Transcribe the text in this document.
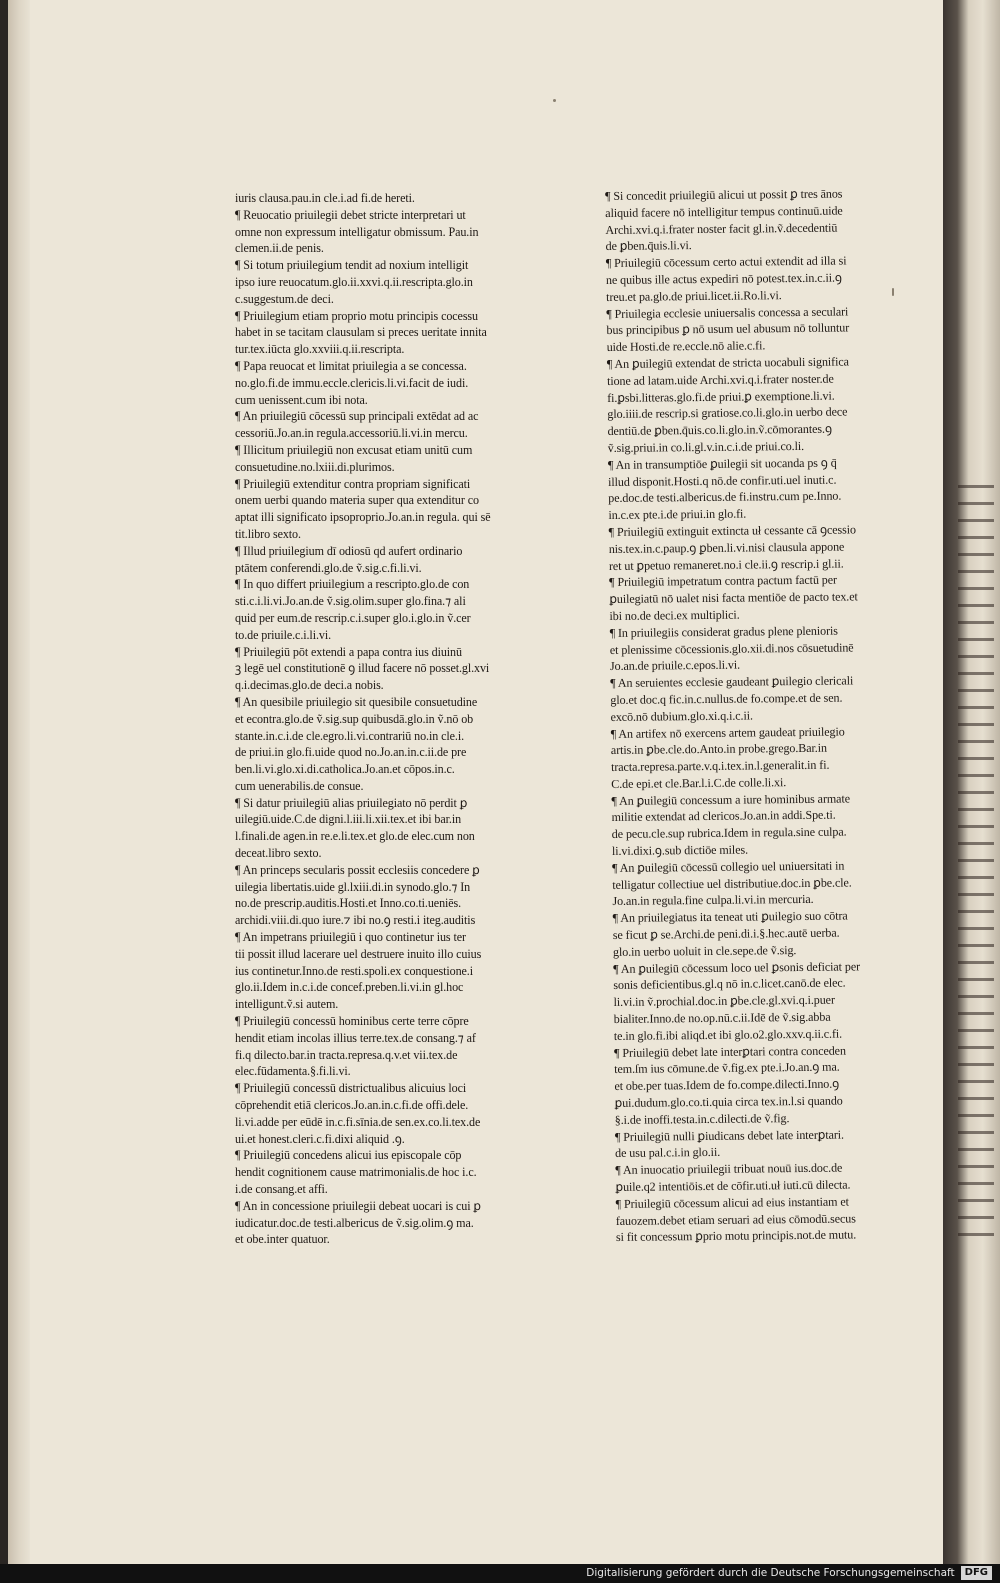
iuris clausa.pau.in cle.i.ad fi.de hereti.
¶ Reuocatio priuilegii debet stricte interpretari ut
omne non expressum intelligatur obmissum. Pau.in
clemen.ii.de penis.
¶ Si totum priuilegium tendit ad noxium intelligit
ipso iure reuocatum.glo.ii.xxvi.q.ii.rescripta.glo.in
c.suggestum.de deci.
¶ Priuilegium etiam proprio motu principis cocessu
habet in se tacitam clausulam si preces ueritate innita
tur.tex.iūcta glo.xxviii.q.ii.rescripta.
¶ Papa reuocat et limitat priuilegia a se concessa.
no.glo.fi.de immu.eccle.clericis.li.vi.facit de iudi.
cum uenissent.cum ibi nota.
¶ An priuilegiū cōcessū sup principali extēdat ad ac
cessoriū.Jo.an.in regula.accessoriū.li.vi.in mercu.
¶ Illicitum priuilegiū non excusat etiam unitū cum
consuetudine.no.lxiii.di.plurimos.
¶ Priuilegiū extenditur contra propriam significati
onem uerbi quando materia super qua extenditur co
aptat illi significato ipsoproprio.Jo.an.in regula. qui sē
tit.libro sexto.
¶ Illud priuilegium dī odiosū qd aufert ordinario
ptātem conferendi.glo.de ṽ.sig.c.fi.li.vi.
¶ In quo differt priuilegium a rescripto.glo.de con
sti.c.i.li.vi.Jo.an.de ṽ.sig.olim.super glo.fina.⁊ ali
quid per eum.de rescrip.c.i.super glo.i.glo.in ṽ.cer
to.de priuile.c.i.li.vi.
¶ Priuilegiū pōt extendi a papa contra ius diuinū
ꝫ legē uel constitutionē ꝯ illud facere nō posset.gl.xvi
q.i.decimas.glo.de deci.a nobis.
¶ An quesibile priuilegio sit quesibile consuetudine
et econtra.glo.de ṽ.sig.sup quibusdā.glo.in ṽ.nō ob
stante.in.c.i.de cle.egro.li.vi.contrariū no.in cle.i.
de priui.in glo.fi.uide quod no.Jo.an.in.c.ii.de pre
ben.li.vi.glo.xi.di.catholica.Jo.an.et cōpos.in.c.
cum uenerabilis.de consue.
¶ Si datur priuilegiū alias priuilegiato nō perdit ꝑ
uilegiū.uide.C.de digni.l.iii.li.xii.tex.et ibi bar.in
l.finali.de agen.in re.e.li.tex.et glo.de elec.cum non
deceat.libro sexto.
¶ An princeps secularis possit ecclesiis concedere ꝑ
uilegia libertatis.uide gl.lxiii.di.in synodo.glo.⁊ In
no.de prescrip.auditis.Hosti.et Inno.co.ti.ueniēs.
archidi.viii.di.quo iure.⁊ ibi no.ꝯ resti.i iteg.auditis
¶ An impetrans priuilegiū i quo continetur ius ter
tii possit illud lacerare uel destruere inuito illo cuius
ius continetur.Inno.de resti.spoli.ex conquestione.i
glo.ii.Idem in.c.i.de concef.preben.li.vi.in gl.hoc
intelligunt.ṽ.si autem.
¶ Priuilegiū concessū hominibus certe terre cōpre
hendit etiam incolas illius terre.tex.de consang.⁊ af
fi.q dilecto.bar.in tracta.represa.q.v.et vii.tex.de
elec.fūdamenta.§.fi.li.vi.
¶ Priuilegiū concessū districtualibus alicuius loci
cōprehendit etiā clericos.Jo.an.in.c.fi.de offi.dele.
li.vi.adde per eūdē in.c.fi.sīnia.de sen.ex.co.li.tex.de
ui.et honest.cleri.c.fi.dixi aliquid .ꝯ.
¶ Priuilegiū concedens alicui ius episcopale cōp
hendit cognitionem cause matrimonialis.de hoc i.c.
i.de consang.et affi.
¶ An in concessione priuilegii debeat uocari is cui ꝑ
iudicatur.doc.de testi.albericus de ṽ.sig.olim.ꝯ ma.
et obe.inter quatuor.
¶ Si concedit priuilegiū alicui ut possit ꝑ tres ānos
aliquid facere nō intelligitur tempus continuū.uide
Archi.xvi.q.i.frater noster facit gl.in.ṽ.decedentiū
de ꝑben.q̄uis.li.vi.
¶ Priuilegiū cōcessum certo actui extendit ad illa si
ne quibus ille actus expediri nō potest.tex.in.c.ii.ꝯ
treu.et pa.glo.de priui.licet.ii.Ro.li.vi.
¶ Priuilegia ecclesie uniuersalis concessa a seculari
bus principibus ꝑ nō usum uel abusum nō tolluntur
uide Hosti.de re.eccle.nō alie.c.fi.
¶ An ꝑuilegiū extendat de stricta uocabuli significa
tione ad latam.uide Archi.xvi.q.i.frater noster.de
fi.ꝑsbi.litteras.glo.fi.de priui.ꝑ exemptione.li.vi.
glo.iiii.de rescrip.si gratiose.co.li.glo.in uerbo dece
dentiū.de ꝑben.q̄uis.co.li.glo.in.ṽ.cōmorantes.ꝯ
ṽ.sig.priui.in co.li.gl.v.in.c.i.de priui.co.li.
¶ An in transumptiōe ꝑuilegii sit uocanda ps ꝯ q̄
illud disponit.Hosti.q nō.de confir.uti.uel inuti.c.
pe.doc.de testi.albericus.de fi.instru.cum pe.Inno.
in.c.ex pte.i.de priui.in glo.fi.
¶ Priuilegiū extinguit extincta uł cessante cā ꝯcessio
nis.tex.in.c.paup.ꝯ ꝑben.li.vi.nisi clausula appone
ret ut ꝑpetuo remaneret.no.i cle.ii.ꝯ rescrip.i gl.ii.
¶ Priuilegiū impetratum contra pactum factū per
ꝑuilegiatū nō ualet nisi facta mentiōe de pacto tex.et
ibi no.de deci.ex multiplici.
¶ In priuilegiis considerat gradus plene plenioris
et plenissime cōcessionis.glo.xii.di.nos cōsuetudinē
Jo.an.de priuile.c.epos.li.vi.
¶ An seruientes ecclesie gaudeant ꝑuilegio clericali
glo.et doc.q fic.in.c.nullus.de fo.compe.et de sen.
excō.nō dubium.glo.xi.q.i.c.ii.
¶ An artifex nō exercens artem gaudeat priuilegio
artis.in ꝑbe.cle.do.Anto.in probe.grego.Bar.in
tracta.represa.parte.v.q.i.tex.in.l.generalit.in fi.
C.de epi.et cle.Bar.l.i.C.de colle.li.xi.
¶ An ꝑuilegiū concessum a iure hominibus armate
militie extendat ad clericos.Jo.an.in addi.Spe.ti.
de pecu.cle.sup rubrica.Idem in regula.sine culpa.
li.vi.dixi.ꝯ.sub dictiōe miles.
¶ An ꝑuilegiū cōcessū collegio uel uniuersitati in
telligatur collectiue uel distributiue.doc.in ꝑbe.cle.
Jo.an.in regula.fine culpa.li.vi.in mercuria.
¶ An priuilegiatus ita teneat uti ꝑuilegio suo cōtra
se ficut ꝑ se.Archi.de peni.di.i.§.hec.autē uerba.
glo.in uerbo uoluit in cle.sepe.de ṽ.sig.
¶ An ꝑuilegiū cōcessum loco uel ꝑsonis deficiat per
sonis deficientibus.gl.q nō in.c.licet.canō.de elec.
li.vi.in ṽ.prochial.doc.in ꝑbe.cle.gl.xvi.q.i.puer
bialiter.Inno.de no.op.nū.c.ii.Idē de ṽ.sig.abba
te.in glo.fi.ibi aliqd.et ibi glo.o2.glo.xxv.q.ii.c.fi.
¶ Priuilegiū debet late interꝑtari contra conceden
tem.ſm ius cōmune.de ṽ.fig.ex pte.i.Jo.an.ꝯ ma.
et obe.per tuas.Idem de fo.compe.dilecti.Inno.ꝯ
ꝑui.dudum.glo.co.ti.quia circa tex.in.l.si quando
§.i.de inoffi.testa.in.c.dilecti.de ṽ.fig.
¶ Priuilegiū nulli ꝑiudicans debet late interꝑtari.
de usu pal.c.i.in glo.ii.
¶ An inuocatio priuilegii tribuat nouū ius.doc.de
ꝑuile.q2 intentiōis.et de cōfir.uti.uł iuti.cū dilecta.
¶ Priuilegiū cōcessum alicui ad eius instantiam et
fauozem.debet etiam seruari ad eius cōmodū.secus
si fit concessum ꝑprio motu principis.not.de mutu.
Digitalisierung gefördert durch die Deutsche Forschungsgemeinschaft DFG
